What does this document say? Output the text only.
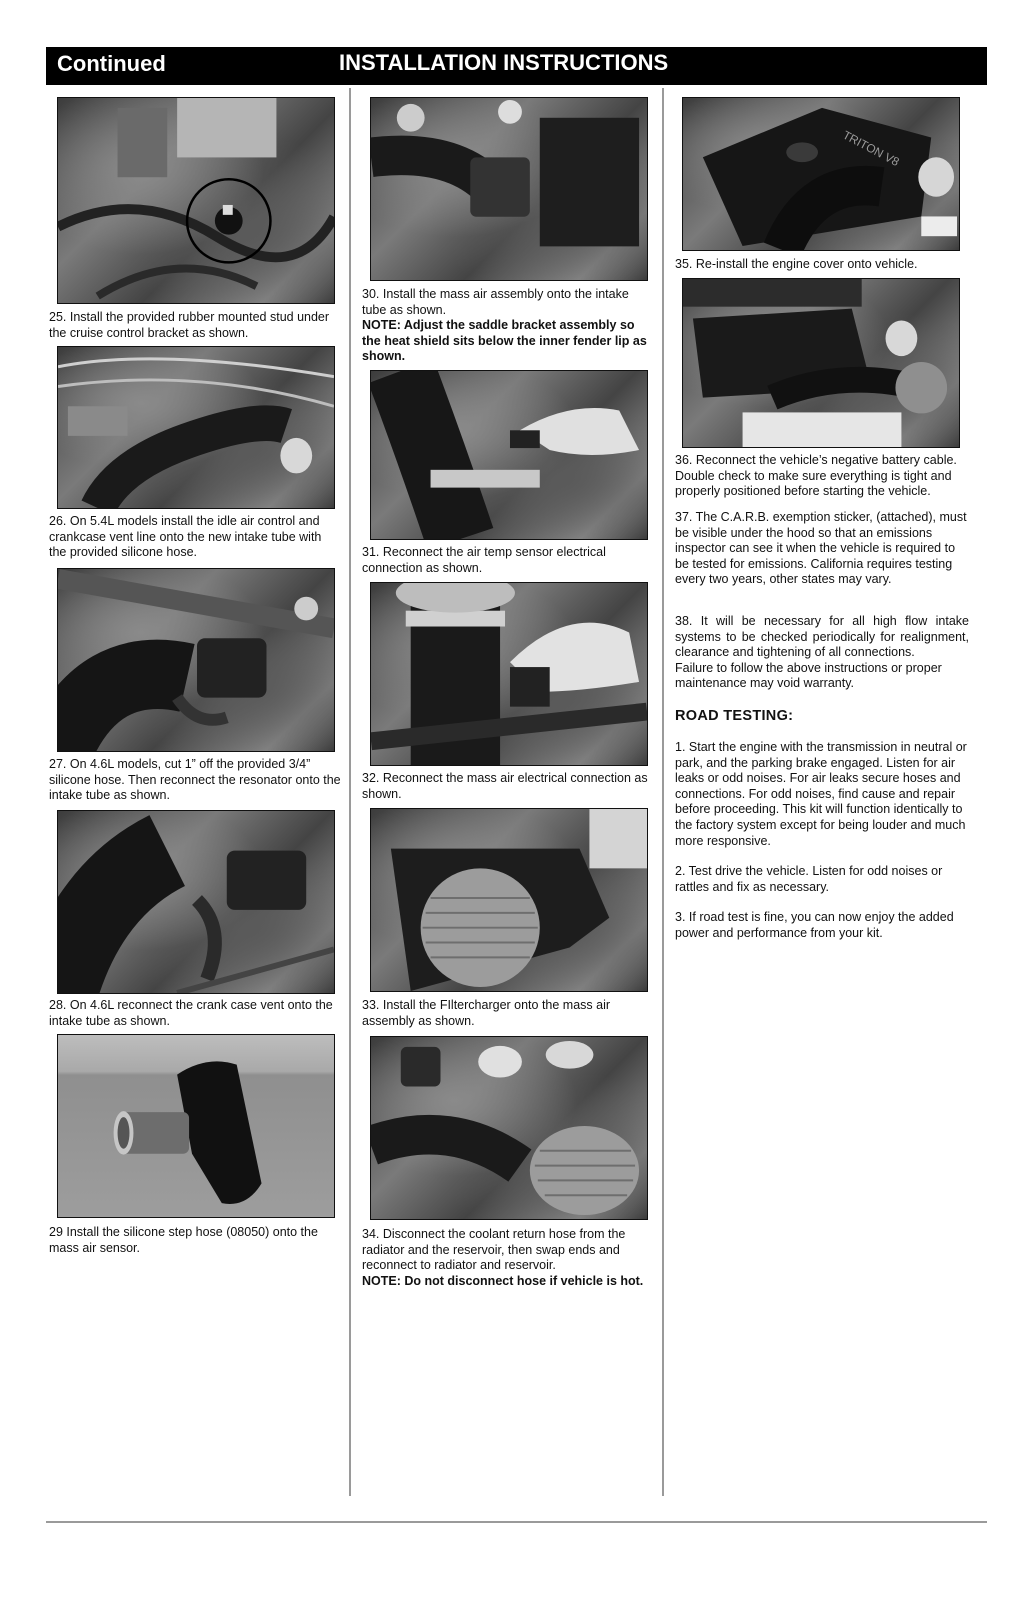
Continued	INSTALLATION INSTRUCTIONS
25. Install the provided rubber mounted stud under the cruise control bracket as shown.
26. On 5.4L models install the idle air control and crankcase vent line onto the new intake tube with the provided silicone hose.
27. On 4.6L models, cut 1” off the provided 3/4” silicone hose. Then reconnect the resonator onto the intake tube as shown.
28. On 4.6L reconnect the crank case vent onto the intake tube as shown.
29 Install the silicone step hose (08050) onto the mass air sensor.
30. Install the mass air assembly onto the intake tube as shown.
NOTE: Adjust the saddle bracket assembly so the heat shield sits below the inner fender lip as shown.
31. Reconnect the air temp sensor electrical connection as shown.
32. Reconnect the mass air electrical connection as shown.
33. Install the FIltercharger onto the mass air assembly as shown.
34. Disconnect the coolant return hose from the radiator and the reservoir, then swap ends and reconnect to radiator and reservoir.
NOTE: Do not disconnect hose if vehicle is hot.
TRITON V8
35. Re-install the engine cover onto vehicle.
36. Reconnect the vehicle’s negative battery cable. Double check to make sure everything is tight and properly positioned before starting the vehicle.
37. The C.A.R.B. exemption sticker, (attached), must be visible under the hood so that an emissions inspector can see it when the vehicle is required to be tested for emissions. California requires testing every two years, other states may vary.
38. It will be necessary for all high flow intake systems to be checked periodically for realignment, clearance and tightening of all connections.
Failure to follow the above instructions or proper maintenance may void warranty.
ROAD TESTING:
1. Start the engine with the transmission in neutral or park, and the parking brake engaged. Listen for air leaks or odd noises. For air leaks secure hoses and connections. For odd noises, find cause and repair before proceeding. This kit will function identically to the factory system except for being louder and much more responsive.
2. Test drive the vehicle. Listen for odd noises or rattles and fix as necessary.
3. If road test is fine, you can now enjoy the added power and performance from your kit.
